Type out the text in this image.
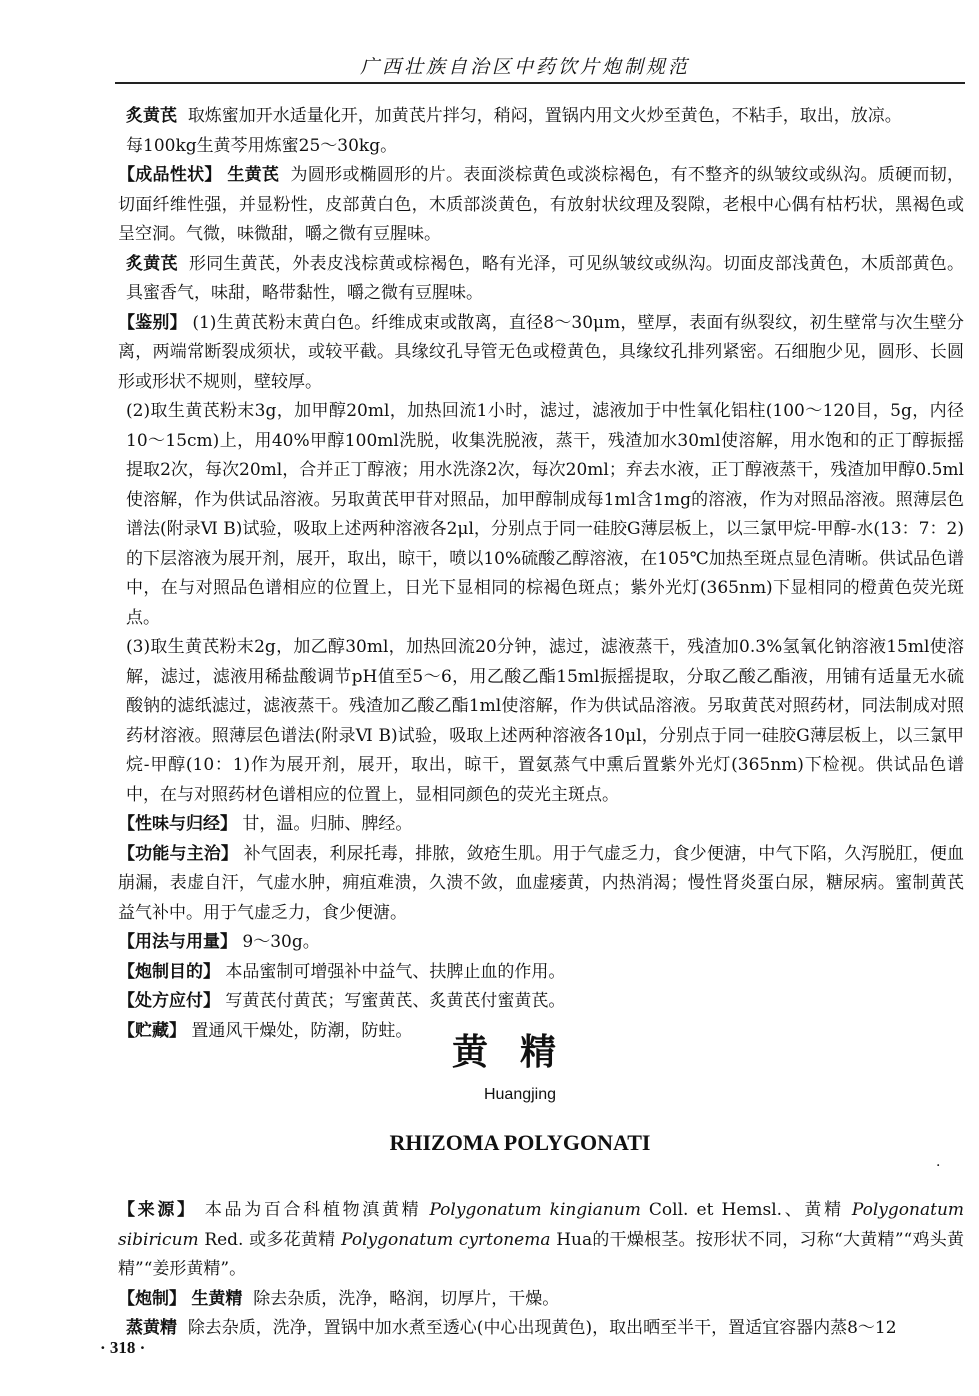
广西壮族自治区中药饮片炮制规范

炙黄芪 取炼蜜加开水适量化开，加黄芪片拌匀，稍闷，置锅内用文火炒至黄色，不粘手，取出，放凉。

每100kg生黄芩用炼蜜25～30kg。

【成品性状】 生黄芪 为圆形或椭圆形的片。表面淡棕黄色或淡棕褐色，有不整齐的纵皱纹或纵沟。质硬而韧，切面纤维性强，并显粉性，皮部黄白色，木质部淡黄色，有放射状纹理及裂隙，老根中心偶有枯朽状，黑褐色或呈空洞。气微，味微甜，嚼之微有豆腥味。

炙黄芪 形同生黄芪，外表皮浅棕黄或棕褐色，略有光泽，可见纵皱纹或纵沟。切面皮部浅黄色，木质部黄色。具蜜香气，味甜，略带黏性，嚼之微有豆腥味。

【鉴别】 (1)生黄芪粉末黄白色。纤维成束或散离，直径8～30μm，壁厚，表面有纵裂纹，初生壁常与次生壁分离，两端常断裂成须状，或较平截。具缘纹孔导管无色或橙黄色，具缘纹孔排列紧密。石细胞少见，圆形、长圆形或形状不规则，壁较厚。

(2)取生黄芪粉末3g，加甲醇20ml，加热回流1小时，滤过，滤液加于中性氧化铝柱(100～120目，5g，内径10～15cm)上，用40%甲醇100ml洗脱，收集洗脱液，蒸干，残渣加水30ml使溶解，用水饱和的正丁醇振摇提取2次，每次20ml，合并正丁醇液；用水洗涤2次，每次20ml；弃去水液，正丁醇液蒸干，残渣加甲醇0.5ml使溶解，作为供试品溶液。另取黄芪甲苷对照品，加甲醇制成每1ml含1mg的溶液，作为对照品溶液。照薄层色谱法(附录Ⅵ B)试验，吸取上述两种溶液各2μl，分别点于同一硅胶G薄层板上，以三氯甲烷-甲醇-水(13：7：2)的下层溶液为展开剂，展开，取出，晾干，喷以10%硫酸乙醇溶液，在105℃加热至斑点显色清晰。供试品色谱中，在与对照品色谱相应的位置上，日光下显相同的棕褐色斑点；紫外光灯(365nm)下显相同的橙黄色荧光斑点。

(3)取生黄芪粉末2g，加乙醇30ml，加热回流20分钟，滤过，滤液蒸干，残渣加0.3%氢氧化钠溶液15ml使溶解，滤过，滤液用稀盐酸调节pH值至5～6，用乙酸乙酯15ml振摇提取，分取乙酸乙酯液，用铺有适量无水硫酸钠的滤纸滤过，滤液蒸干。残渣加乙酸乙酯1ml使溶解，作为供试品溶液。另取黄芪对照药材，同法制成对照药材溶液。照薄层色谱法(附录Ⅵ B)试验，吸取上述两种溶液各10μl，分别点于同一硅胶G薄层板上，以三氯甲烷-甲醇(10：1)作为展开剂，展开，取出，晾干，置氨蒸气中熏后置紫外光灯(365nm)下检视。供试品色谱中，在与对照药材色谱相应的位置上，显相同颜色的荧光主斑点。

【性味与归经】 甘，温。归肺、脾经。

【功能与主治】 补气固表，利尿托毒，排脓，敛疮生肌。用于气虚乏力，食少便溏，中气下陷，久泻脱肛，便血崩漏，表虚自汗，气虚水肿，痈疽难溃，久溃不敛，血虚痿黄，内热消渴；慢性肾炎蛋白尿，糖尿病。蜜制黄芪益气补中。用于气虚乏力，食少便溏。

【用法与用量】 9～30g。

【炮制目的】 本品蜜制可增强补中益气、扶脾止血的作用。

【处方应付】 写黄芪付黄芪；写蜜黄芪、炙黄芪付蜜黄芪。

【贮藏】 置通风干燥处，防潮，防蛀。

黄精
Huangjing
RHIZOMA POLYGONATI
·

【来源】 本品为百合科植物滇黄精 Polygonatum kingianum Coll. et Hemsl.、黄精 Polygonatum sibiricum Red. 或多花黄精 Polygonatum cyrtonema Hua的干燥根茎。按形状不同，习称“大黄精”“鸡头黄精”“姜形黄精”。

【炮制】 生黄精 除去杂质，洗净，略润，切厚片，干燥。

蒸黄精 除去杂质，洗净，置锅中加水煮至透心(中心出现黄色)，取出晒至半干，置适宜容器内蒸8～12

· 318 ·
